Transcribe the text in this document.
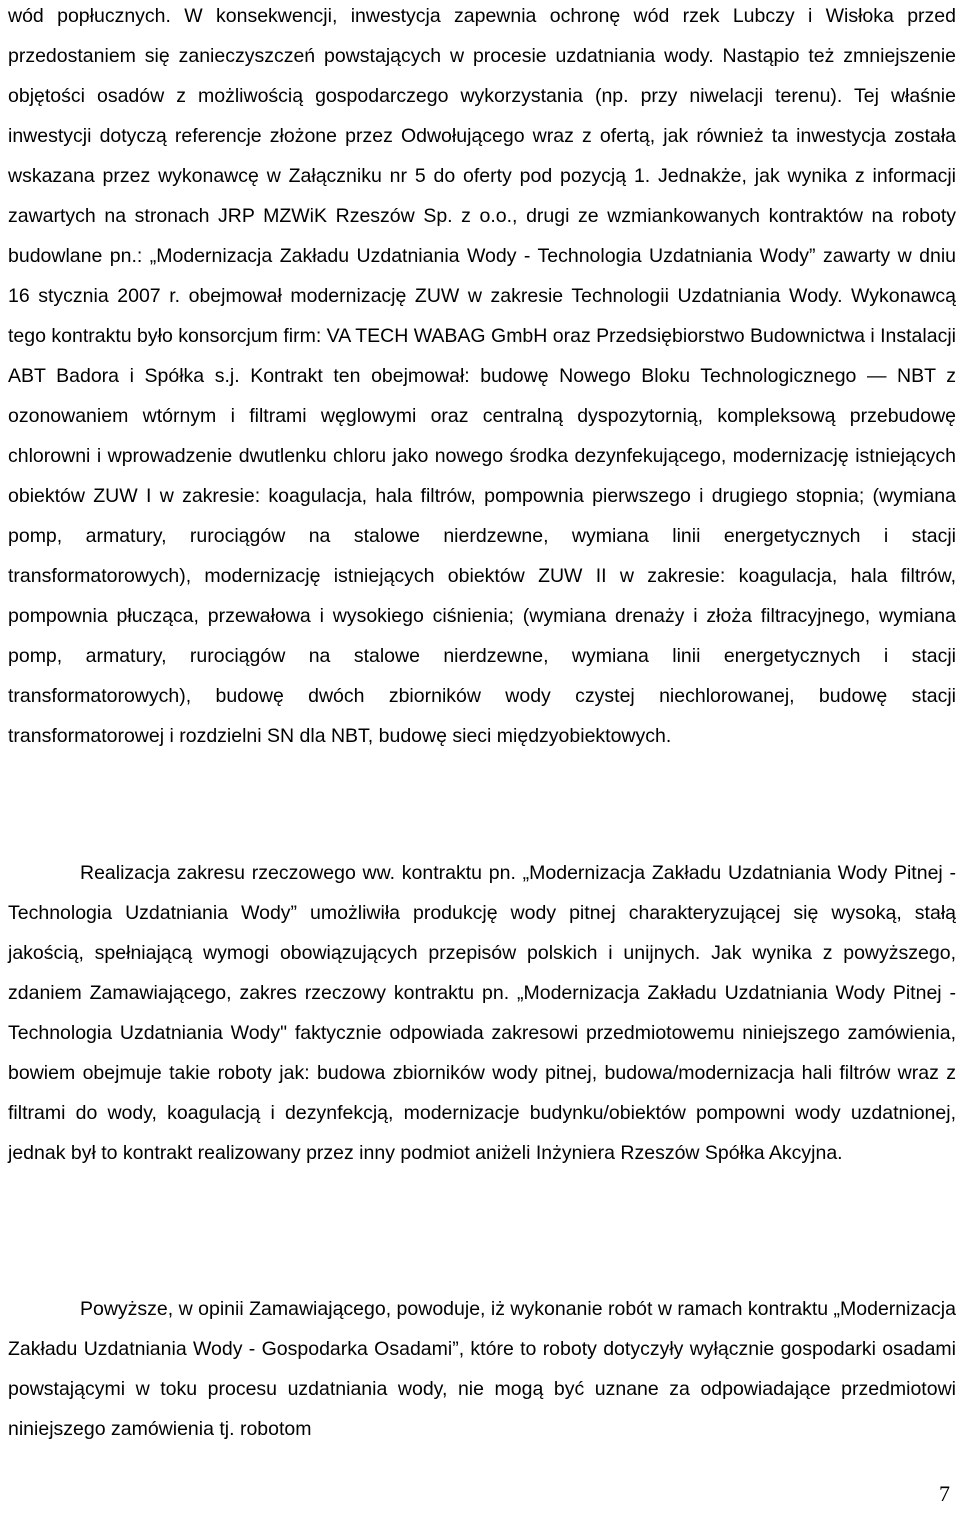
wód popłucznych. W konsekwencji, inwestycja zapewnia ochronę wód rzek Lubczy i Wisłoka przed przedostaniem się zanieczyszczeń powstających w procesie uzdatniania wody. Nastąpio też zmniejszenie objętości osadów z możliwością gospodarczego wykorzystania (np. przy niwelacji terenu). Tej właśnie inwestycji dotyczą referencje złożone przez Odwołującego wraz z ofertą, jak również ta inwestycja została wskazana przez wykonawcę w Załączniku nr 5 do oferty pod pozycją 1. Jednakże, jak wynika z informacji zawartych na stronach JRP MZWiK Rzeszów Sp. z o.o., drugi ze wzmiankowanych kontraktów na roboty budowlane pn.: „Modernizacja Zakładu Uzdatniania Wody - Technologia Uzdatniania Wody” zawarty w dniu 16 stycznia 2007 r. obejmował modernizację ZUW w zakresie Technologii Uzdatniania Wody. Wykonawcą tego kontraktu było konsorcjum firm: VA TECH WABAG GmbH oraz Przedsiębiorstwo Budownictwa i Instalacji ABT Badora i Spółka s.j. Kontrakt ten obejmował: budowę Nowego Bloku Technologicznego — NBT z ozonowaniem wtórnym i filtrami węglowymi oraz centralną dyspozytornią, kompleksową przebudowę chlorowni i wprowadzenie dwutlenku chloru jako nowego środka dezynfekującego, modernizację istniejących obiektów ZUW I w zakresie: koagulacja, hala filtrów, pompownia pierwszego i drugiego stopnia; (wymiana pomp, armatury, rurociągów na stalowe nierdzewne, wymiana linii energetycznych i stacji transformatorowych), modernizację istniejących obiektów ZUW II w zakresie: koagulacja, hala filtrów, pompownia płucząca, przewałowa i wysokiego ciśnienia; (wymiana drenaży i złoża filtracyjnego, wymiana pomp, armatury, rurociągów na stalowe nierdzewne, wymiana linii energetycznych i stacji transformatorowych), budowę dwóch zbiorników wody czystej niechlorowanej, budowę stacji transformatorowej i rozdzielni SN dla NBT, budowę sieci międzyobiektowych.

Realizacja zakresu rzeczowego ww. kontraktu pn. „Modernizacja Zakładu Uzdatniania Wody Pitnej - Technologia Uzdatniania Wody” umożliwiła produkcję wody pitnej charakteryzującej się wysoką, stałą jakością, spełniającą wymogi obowiązujących przepisów polskich i unijnych. Jak wynika z powyższego, zdaniem Zamawiającego, zakres rzeczowy kontraktu pn. „Modernizacja Zakładu Uzdatniania Wody Pitnej - Technologia Uzdatniania Wody" faktycznie odpowiada zakresowi przedmiotowemu niniejszego zamówienia, bowiem obejmuje takie roboty jak: budowa zbiorników wody pitnej, budowa/modernizacja hali filtrów wraz z filtrami do wody, koagulacją i dezynfekcją, modernizacje budynku/obiektów pompowni wody uzdatnionej, jednak był to kontrakt realizowany przez inny podmiot aniżeli Inżyniera Rzeszów Spółka Akcyjna.

Powyższe, w opinii Zamawiającego, powoduje, iż wykonanie robót w ramach kontraktu „Modernizacja Zakładu Uzdatniania Wody - Gospodarka Osadami”, które to roboty dotyczyły wyłącznie gospodarki osadami powstającymi w toku procesu uzdatniania wody, nie mogą być uznane za odpowiadające przedmiotowi niniejszego zamówienia tj. robotom

7
